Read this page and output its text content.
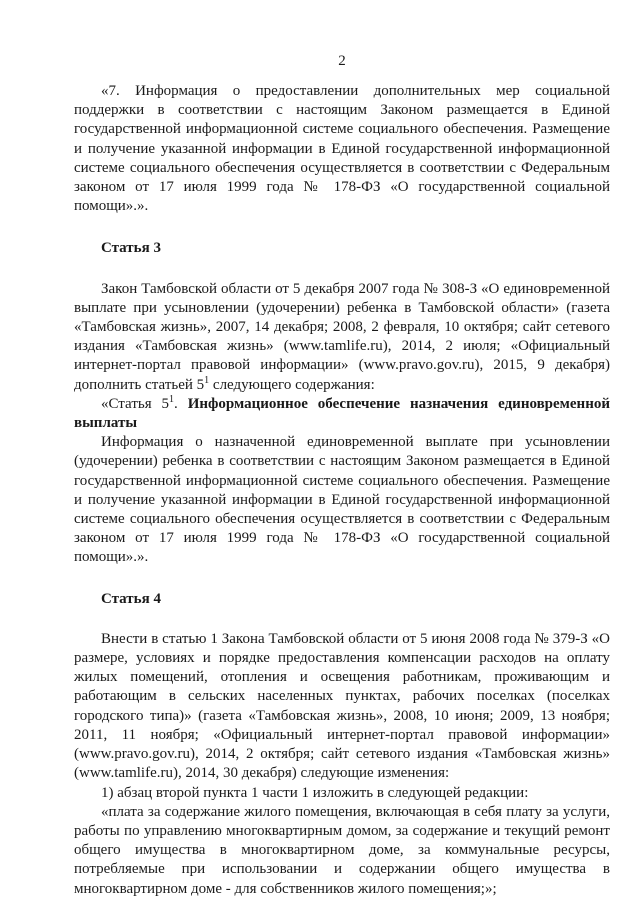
2

«7. Информация о предоставлении дополнительных мер социальной поддержки в соответствии с настоящим Законом размещается в Единой государственной информационной системе социального обеспечения. Размещение и получение указанной информации в Единой государственной информационной системе социального обеспечения осуществляется в соответствии с Федеральным законом от 17 июля 1999 года № 178-ФЗ «О государственной социальной помощи».».

Статья 3

Закон Тамбовской области от 5 декабря 2007 года № 308-З «О единовременной выплате при усыновлении (удочерении) ребенка в Тамбовской области» (газета «Тамбовская жизнь», 2007, 14 декабря; 2008, 2 февраля, 10 октября; сайт сетевого издания «Тамбовская жизнь» (www.tamlife.ru), 2014, 2 июля; «Официальный интернет-портал правовой информации» (www.pravo.gov.ru), 2015, 9 декабря) дополнить статьей $5^1$ следующего содержания:

«Статья $5^1$. Информационное обеспечение назначения единовременной выплаты

Информация о назначенной единовременной выплате при усыновлении (удочерении) ребенка в соответствии с настоящим Законом размещается в Единой государственной информационной системе социального обеспечения. Размещение и получение указанной информации в Единой государственной информационной системе социального обеспечения осуществляется в соответствии с Федеральным законом от 17 июля 1999 года № 178-ФЗ «О государственной социальной помощи».».

Статья 4

Внести в статью 1 Закона Тамбовской области от 5 июня 2008 года № 379-З «О размере, условиях и порядке предоставления компенсации расходов на оплату жилых помещений, отопления и освещения работникам, проживающим и работающим в сельских населенных пунктах, рабочих поселках (поселках городского типа)» (газета «Тамбовская жизнь», 2008, 10 июня; 2009, 13 ноября; 2011, 11 ноября; «Официальный интернет-портал правовой информации» (www.pravo.gov.ru), 2014, 2 октября; сайт сетевого издания «Тамбовская жизнь» (www.tamlife.ru), 2014, 30 декабря) следующие изменения:

1) абзац второй пункта 1 части 1 изложить в следующей редакции:

«плата за содержание жилого помещения, включающая в себя плату за услуги, работы по управлению многоквартирным домом, за содержание и текущий ремонт общего имущества в многоквартирном доме, за коммунальные ресурсы, потребляемые при использовании и содержании общего имущества в многоквартирном доме - для собственников жилого помещения;»;
